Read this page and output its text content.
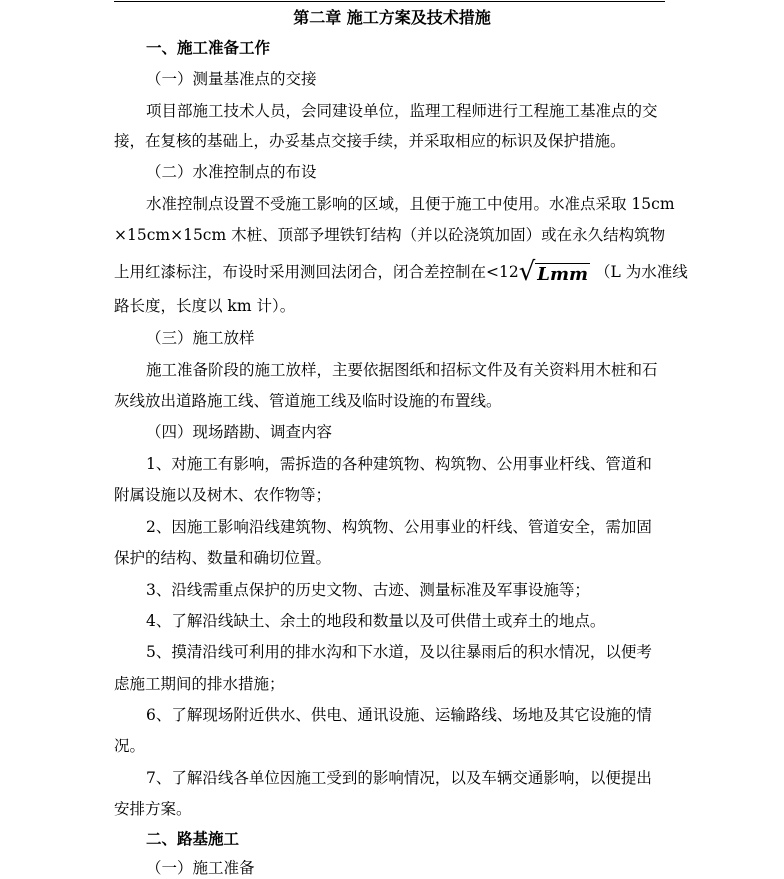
第二章 施工方案及技术措施
一、施工准备工作
（一）测量基准点的交接
项目部施工技术人员，会同建设单位，监理工程师进行工程施工基准点的交
接，在复核的基础上，办妥基点交接手续，并采取相应的标识及保护措施。
（二）水准控制点的布设
水准控制点设置不受施工影响的区域，且便于施工中使用。水准点采取 15cm
×15cm×15cm 木桩、顶部予埋铁钉结构（并以砼浇筑加固）或在永久结构筑物
上用红漆标注，布设时采用测回法闭合，闭合差控制在<12√ Lmm （L 为水准线
路长度，长度以 km 计）。
（三）施工放样
施工准备阶段的施工放样，主要依据图纸和招标文件及有关资料用木桩和石
灰线放出道路施工线、管道施工线及临时设施的布置线。
（四）现场踏勘、调查内容
1、对施工有影响，需拆造的各种建筑物、构筑物、公用事业杆线、管道和
附属设施以及树木、农作物等；
2、因施工影响沿线建筑物、构筑物、公用事业的杆线、管道安全，需加固
保护的结构、数量和确切位置。
3、沿线需重点保护的历史文物、古迹、测量标准及军事设施等；
4、了解沿线缺土、余土的地段和数量以及可供借土或弃土的地点。
5、摸清沿线可利用的排水沟和下水道，及以往暴雨后的积水情况，以便考
虑施工期间的排水措施；
6、了解现场附近供水、供电、通讯设施、运输路线、场地及其它设施的情
况。
7、了解沿线各单位因施工受到的影响情况，以及车辆交通影响，以便提出
安排方案。
二、路基施工
（一）施工准备
